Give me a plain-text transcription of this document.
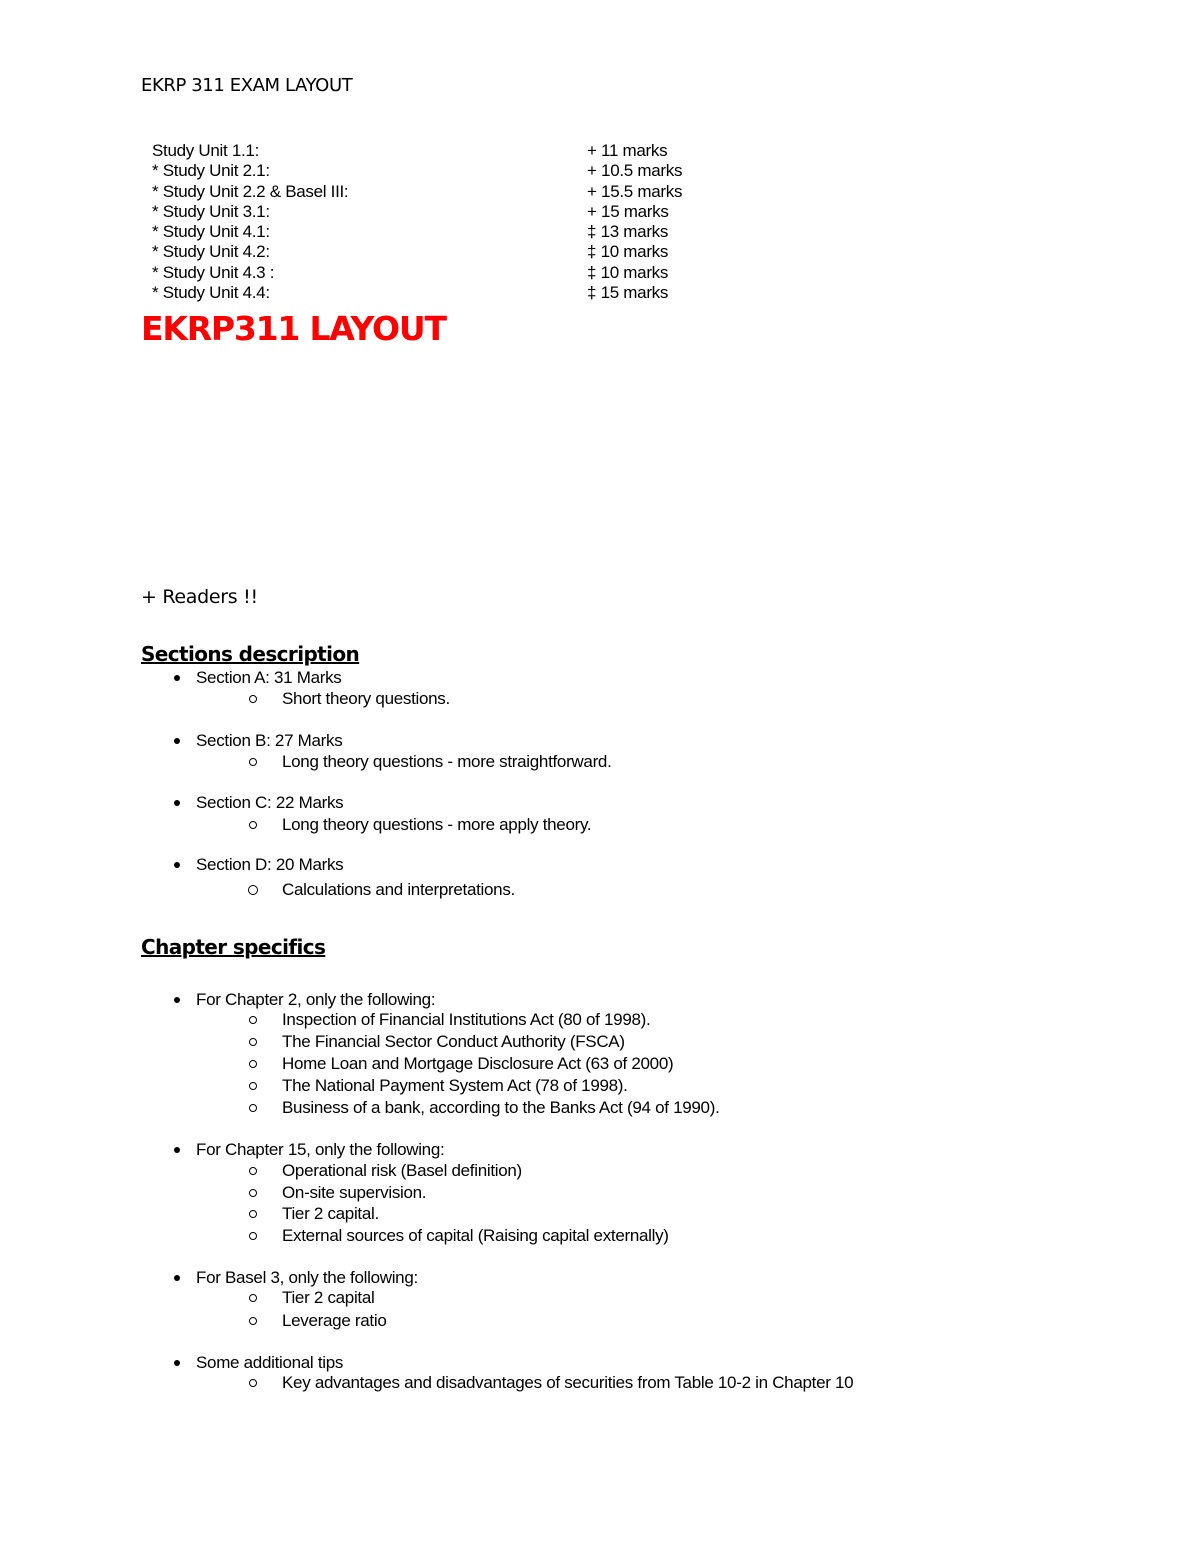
EKRP 311 EXAM LAYOUT
Study Unit 1.1:	+ 11 marks
* Study Unit 2.1:	+ 10.5 marks
* Study Unit 2.2 & Basel III:	+ 15.5 marks
* Study Unit 3.1:	+ 15 marks
* Study Unit 4.1:	‡ 13 marks
* Study Unit 4.2:	‡ 10 marks
* Study Unit 4.3 :	‡ 10 marks
* Study Unit 4.4:	‡ 15 marks
EKRP311 LAYOUT
+ Readers !!
Sections description
Section A: 31 Marks
Short theory questions.
Section B: 27 Marks
Long theory questions - more straightforward.
Section C: 22 Marks
Long theory questions - more apply theory.
Section D: 20 Marks
Calculations and interpretations.
Chapter specifics
For Chapter 2, only the following:
Inspection of Financial Institutions Act (80 of 1998).
The Financial Sector Conduct Authority (FSCA)
Home Loan and Mortgage Disclosure Act (63 of 2000)
The National Payment System Act (78 of 1998).
Business of a bank, according to the Banks Act (94 of 1990).
For Chapter 15, only the following:
Operational risk (Basel definition)
On-site supervision.
Tier 2 capital.
External sources of capital (Raising capital externally)
For Basel 3, only the following:
Tier 2 capital
Leverage ratio
Some additional tips
Key advantages and disadvantages of securities from Table 10-2 in Chapter 10
